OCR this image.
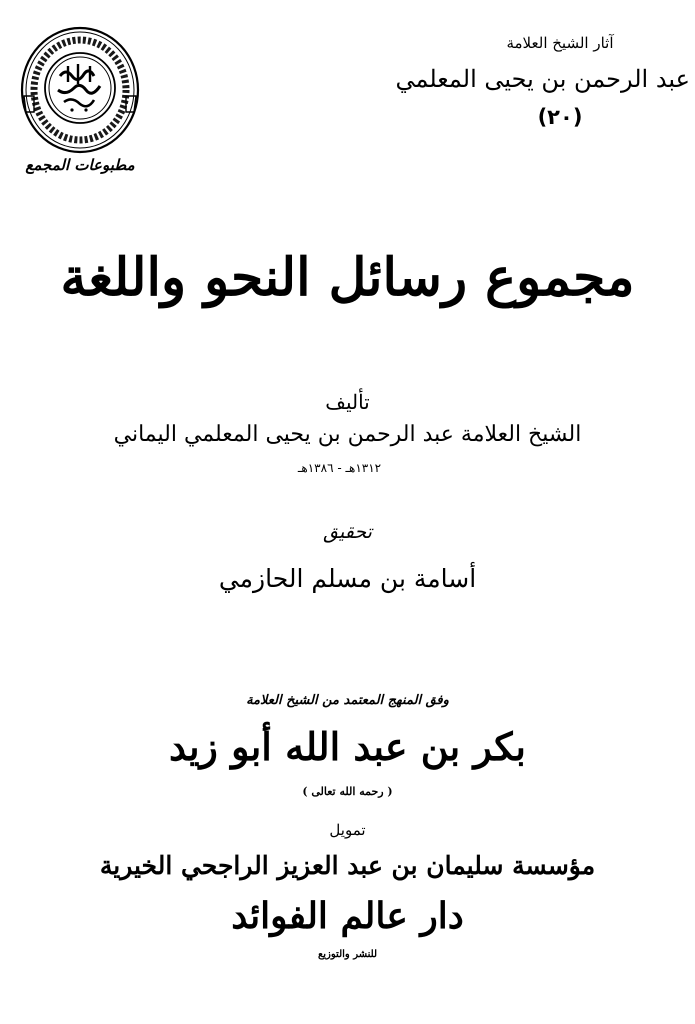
مطبوعات المجمع
آثار الشيخ العلامة
عبد الرحمن بن يحيى المعلمي
(٢٠)
مجموع رسائل النحو واللغة
تأليف
الشيخ العلامة عبد الرحمن بن يحيى المعلمي اليماني
١٣١٢هـ - ١٣٨٦هـ
تحقيق
أسامة بن مسلم الحازمي
وفق المنهج المعتمد من الشيخ العلامة
بكر بن عبد الله أبو زيد
( رحمه الله تعالى )
تمويل
مؤسسة سليمان بن عبد العزيز الراجحي الخيرية
دار عالم الفوائد
للنشر والتوزيع
